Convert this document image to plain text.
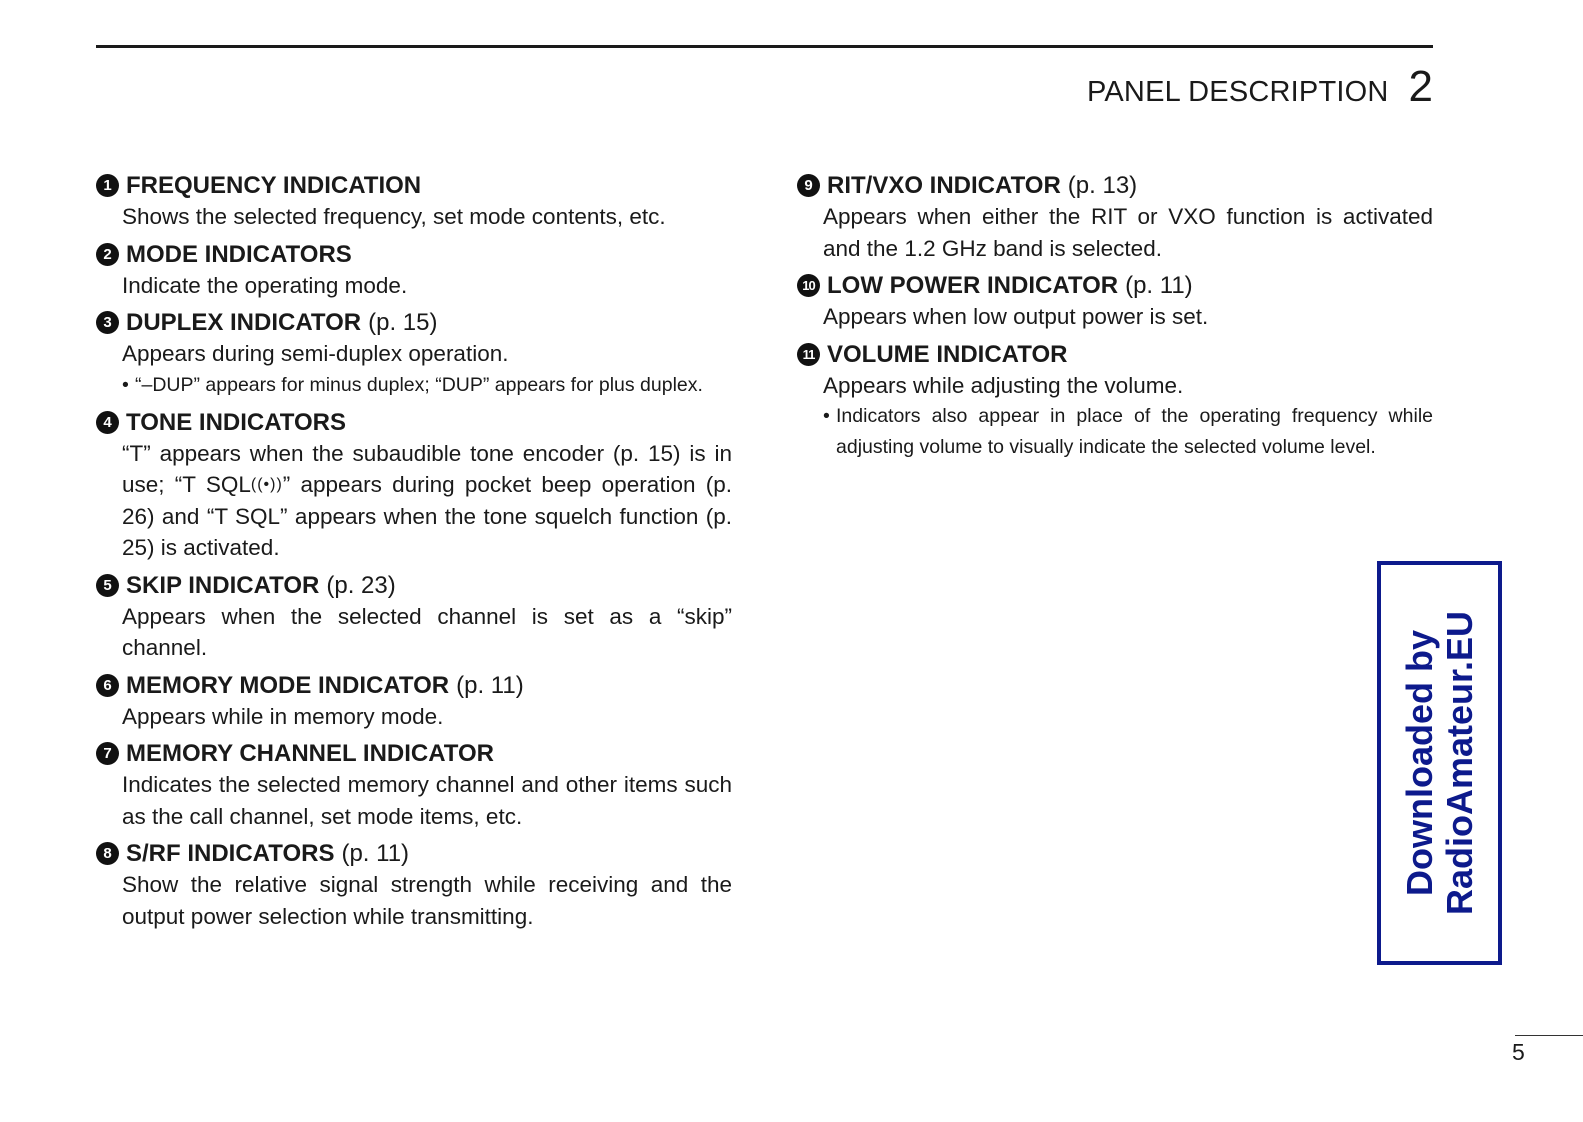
PANEL DESCRIPTION 2
1 FREQUENCY INDICATION
Shows the selected frequency, set mode contents, etc.
2 MODE INDICATORS
Indicate the operating mode.
3 DUPLEX INDICATOR (p. 15)
Appears during semi-duplex operation.
• “–DUP” appears for minus duplex; “DUP” appears for plus duplex.
4 TONE INDICATORS
“T” appears when the subaudible tone encoder (p. 15) is in use; “T SQL((•))” appears during pocket beep operation (p. 26) and “T SQL” appears when the tone squelch function (p. 25) is activated.
5 SKIP INDICATOR (p. 23)
Appears when the selected channel is set as a “skip” channel.
6 MEMORY MODE INDICATOR (p. 11)
Appears while in memory mode.
7 MEMORY CHANNEL INDICATOR
Indicates the selected memory channel and other items such as the call channel, set mode items, etc.
8 S/RF INDICATORS (p. 11)
Show the relative signal strength while receiving and the output power selection while transmitting.
9 RIT/VXO INDICATOR (p. 13)
Appears when either the RIT or VXO function is activated and the 1.2 GHz band is selected.
10 LOW POWER INDICATOR (p. 11)
Appears when low output power is set.
11 VOLUME INDICATOR
Appears while adjusting the volume.
• Indicators also appear in place of the operating frequency while adjusting volume to visually indicate the selected volume level.
Downloaded by RadioAmateur.EU
5
